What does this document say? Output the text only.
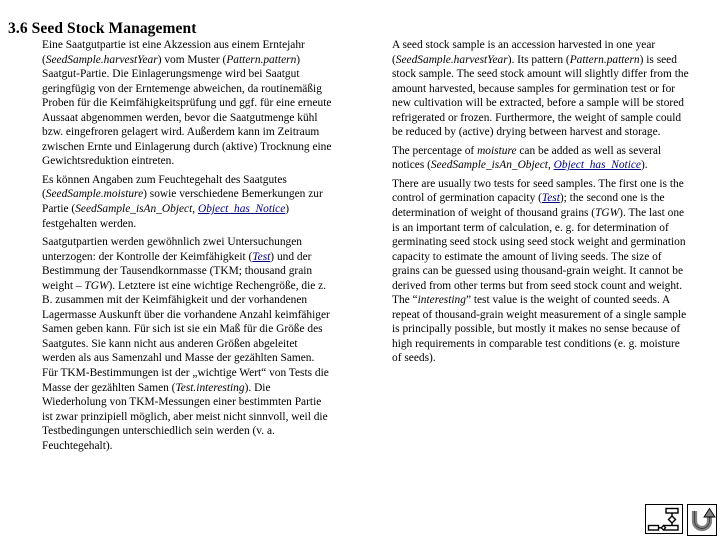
3.6 Seed Stock Management

Eine Saatgutpartie ist eine Akzession aus einem Erntejahr (SeedSample.harvestYear) vom Muster (Pattern.pattern) Saatgut-Partie. Die Einlagerungsmenge wird bei Saatgut geringfügig von der Erntemenge abweichen, da routinemäßig Proben für die Keimfähigkeitsprüfung und ggf. für eine erneute Aussaat abgenommen werden, bevor die Saatgutmenge kühl bzw. eingefroren gelagert wird. Außerdem kann im Zeitraum zwischen Ernte und Einlagerung durch (aktive) Trocknung eine Gewichtsreduktion eintreten.

Es können Angaben zum Feuchtegehalt des Saatgutes (SeedSample.moisture) sowie verschiedene Bemerkungen zur Partie (SeedSample_isAn_Object, Object_has_Notice) festgehalten werden.

Saatgutpartien werden gewöhnlich zwei Untersuchungen unterzogen: der Kontrolle der Keimfähigkeit (Test) und der Bestimmung der Tausendkornmasse (TKM; thousand grain weight – TGW). Letztere ist eine wichtige Rechengröße, die z. B. zusammen mit der Keimfähigkeit und der vorhandenen Lagermasse Auskunft über die vorhandene Anzahl keimfähiger Samen geben kann. Für sich ist sie ein Maß für die Größe des Saatgutes. Sie kann nicht aus anderen Größen abgeleitet werden als aus Samenzahl und Masse der gezählten Samen. Für TKM-Bestimmungen ist der „wichtige Wert“ von Tests die Masse der gezählten Samen (Test.interesting). Die Wiederholung von TKM-Messungen einer bestimmten Partie ist zwar prinzipiell möglich, aber meist nicht sinnvoll, weil die Testbedingungen unterschiedlich sein werden (v. a. Feuchtegehalt).

A seed stock sample is an accession harvested in one year (SeedSample.harvestYear). Its pattern (Pattern.pattern) is seed stock sample. The seed stock amount will slightly differ from the amount harvested, because samples for germination test or for new cultivation will be extracted, before a sample will be stored refrigerated or frozen. Furthermore, the weight of sample could be reduced by (active) drying between harvest and storage.

The percentage of moisture can be added as well as several notices (SeedSample_isAn_Object, Object_has_Notice).

There are usually two tests for seed samples. The first one is the control of germination capacity (Test); the second one is the determination of weight of thousand grains (TGW). The last one is an important term of calculation, e. g. for determination of germinating seed stock using seed stock weight and germination capacity to estimate the amount of living seeds. The size of grains can be guessed using thousand-grain weight. It cannot be derived from other terms but from seed stock count and weight. The “interesting” test value is the weight of counted seeds. A repeat of thousand-grain weight measurement of a single sample is principally possible, but mostly it makes no sense because of high requirements in comparable test conditions (e. g. moisture of seeds).
